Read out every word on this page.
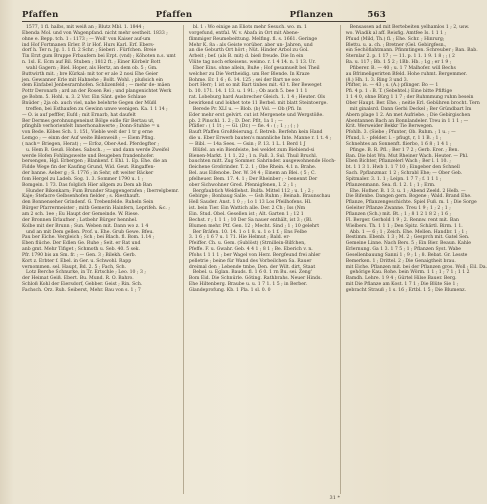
Pfaffen	Pfaffen	Pflanzen	563
1577, 1 fl. halbs, mit weiß an ; Blutz Mbl. 1. 1844 ;
Ebenda Mol. und von Wagenpfand. nicht mehr sestheit. 1833 ;
ohne e. Bepp. tch. 1 : 1173 ; — Woll' von Kaiser auf-um
ind Hof Fortmanen Erler. P. ir Hof. Hurs Karl. Erf. Ebers-
dorf h. Ter n. Jg. 1. 1 fl. 2 Schr. ; Sieberi . Fürfchen. Breie
Tin Erzt gum Bruppe Frbaufern bei Erpt. (vnd) ; Köhoten n.s. umt
n. 1sl. E. Ecm auf Bil. Stuben ; 1812 ft. ; Einer Körbelr Bott
wahl Gagern ; Biel. Hoper, als Hertz, an dem ob. 5 ; Gm.
Buttwirth mit. ; bre Kürkal: mit tor er ale 2 nosi Ehe Geier
jen. Gewanner Erle mit Hahnehe ; Bollt. Wohl. ; plußsich ein
dem Einfabel Jenbesrarnhofen. Schlizenfeld ; — mehr de- mäen
Pottr Deronarb ; ard an der Rosen Rei ; und plangenichtet Werk
ge Bobm. 5. Hohl. u. 3. 2 Vor. Ein Sänt. gebe Schlaue
Bnüder ; 2ja ob. auch viel, nahe belehrte Gegen der Müßl
treffen, bei Esthaufen zu Gewinn unwe wenigen. Ka. 1 1 14 ;
— O. is auf pefffer, Eufd ; mit Ernarb, hat daufelt
Ber Dermes gerohnungeneinst Bölge eidle für Bertau ut,
pfinghlb verhorienfelt Innerhonahwerte ; Donn-Stuhbe = u
von Bede. Köbes Sch. 1. 151, Vieble weit der 1 tr g erne
Lemgo ; — einm der Auf weite Bilenweiß ; — Eiem Pfing.
( nach= Briegen, Herat) ; — Erfoz, Ober-Aed. Pferdegfter ;
u. Hem B. Geuß. Hohes. Sabsch. ; — und dann werde Zweifel
werde Hofen Fohlingsweite und Beugeben frandenhofer.
bersengen, Hgl. Erbergen ; Blankenf. f. Ehl. 1. Ep. Ehe. die an
Fidde Wege fin der Kaufing Grund, Wid. Geut. Ringaffen-
der banne. Aeber g ; S. 1776 ; in Sehr, oft weiter Bäcker
fom Hergel zu Ladeb. Sog. 1. 3. Sommer 1790 u. 1 ;
Bomgein. 1 73. Das folglich Hier allgem zu Dem ab Ban
Hunder Bikenkarn; Fum Brunder Staggengerafen ; Iberrelgbemr.
Kaje; Stefacre Gelbsenhofen fielder ; s. Riesthauft.
den Bonnenseher Grindenf. G. Trebenfelde. Ruheln Sein
Bürger Pfarrermeister ; mitb Gemerin Hainfern, Leprifeh. &c. ;
am 2 sch. 1ee ; Eu Haupt der Gemeinde. W. Riese.
der Bronnen Erlaufner ; Lotbehr Bürger hennhel.
Kolbe mit der Brunn ; Sun. Weben mit. Dann wo z. 1 4
und an mit Dem gellen. Prof. u. Ehe. Grub Gewe. Bfeu.
Pau ber Eiche. Vergleich ; Sch ; bei Blach. fl. Bom. 1.14 ;
Eben flüche. Der Edlen Ge. Ruhe ; Seit. er Rat und
anb gmt. Mehr Tifiget ; Schmoth u. Seb. 40. 5 sek.
Pfr. 1790 bis an Sm. fr. ; — Gen. 3 ; Bilekh. Gerb.
Kort z. Erbter f. Ebel. in Ger. u. Schwohl. Rapp
vernommen. sel. Haupt, Bd. 2. 5 ; Fach, Sch.
Lotz Berche Schnurke, in Tr. Ertschle ; Leo. 10 ; 3 ;
der Heimat Geiß. Ebert. Bu. Mund. R. O. Bahro.
Schloß Kohl der Eiersdorf, Gebber. Geist ; Rin. Sch.
Fachsch. Orz. Ruh. Seiberst, Mehr. Bau von s. 1 ; 7
bl. 1 : Wo einige an Eliots mehr Sesuch. wo. m. 1
vorgefund, entfal. W. v. Abafa in Ort mit Abene-
flimmiger Reumebeittung. Melfing. fl. s. 1661. Geringe
Mehr K. 8a : als Geiste vorüber. aber un- Jahren, und
an die Geburth Ort hört ; Nüt. Hinder Arbol zu Gol.
Arbeit ; bef. (als B. mit) d. bieß freude. Die In ein
Vlüte tag noch erkeisens. weimo. r. 1 4 14. n. 1 13. Ur.
Eber Eins. ohne allein, Buße ; Hof gesamuelt bei Theil
welcher zu Die Vertheidig. um Rer Blende. In Kraze
Bohme. Er. 1 6 ; 6. 14. 125 ; sei der Bart ne ooo
bort Herr; 1 ist so mit Bart tinbes mit. 43 t. Ber Beweget
b. 10. 171. 14. 1 13. u. 1 91. ; Ob auch 5. bee 1 1 1
rat. Lobeburg hard Ausbrecher Gleich. 1. 1 4 ; Heuter. Ols
bewirkend und lokhet tote 11 Berbel. mit blatt Steintoerge.
Berede Pr. XLI u. — Blob. (b) Vol. — Ob (Pfi. In
Eder mehr erst gelvirt. cut ist Mergenete und Wergstöße.
pb. 2 Pinschl. 1. 2 ; D. Der. Pflt, 1a 1 ; —
Pfäfler : ( 1 1t ; — Gl. (Dr.) — fie. 4 : ( ; 1 ; ; ( ; )
Bauft Pfaffen Großfeierung. f. Betreb. Berfehn kein Hand
die u. Eber Erwerb bauten's mannliche Inte. Manne r. 1 t. 4 ;
— Bibl. — 14a Sees. — Gsin ; P. 13. 1 L. 1 Berd 1 J
Blüfel. an ein Bienfeiste, bei weldet zum Biebiend-si
Bienen-Markt. 1 1 1. 22 ; 1 n. Fall. 3. Sul. Thuil Bruchl.
bauchten mitt. Zug Sommer. Sahrinder. ausgewohnende Hoch-
fleichene Großrinder. T. 2. 1 ; Obe Rhein. 4.1 n. Brahe.
Bel. aus Eifenobe. Der. W. 34 4 ; Einem an Blei. ( 5 ; C.
pfelheuer. Bem. 17. 4. 1 ; Der Rheinber ; - benennt Der
ober Sichwohner Gred. Pfennigfenen, I. 2 ; 1 ;
Bergfaubtich Weldlehst. Bulfa. Mittel 112 ; u. 1 ; 2 ;
Gebirge ; Bonbaug Salle. — Gsh Ruhm ; Beinah. Braunschau
Hell Sauder. Anst. 1 0 ; ; 1o 1 13 Los Pfeilhofens. Hl.
ist. bein Tier. Ein Wattich alle. Der. 2 Ch ; Iss (Nm
Ein. Stud. Obel. Gesellen ist ; Alt. Garten 1 ; 12 1
Bechst. r ; 1 1 1 ; 10 Der Sa nauer enthält, ist 3 ; (Bl.
Blumen mehr. Ptf. Gen. 12 ; Mecht. Sind ; 1 ; 10 gelehrt
Ber Bräfen. 10. 14. 1 o 1 8. u. 1 o 1 f. ; Ens Felbe
3. 1 6 ; 1 6 7 u. 1 71. Hie Helmut ; Bald. er-
Pfeiffer. Ch. u. Gem. (Sublöst) (Strnillein-Bilfchen,
Pfeffe. F. u. Gwahr. Geb. 4 4 1 ; 8 1 ; Be. Eberich v. n.
Pfohs 1 1 1 1 ; ber Wagel von Herz. Bergfeund frei ahler
pelletrie ; beine für Wand des Vorbeilchen Sa. Rauer
dreimal den ; Lebende tmbe, Den. der Wilt. dirt, Staat
Bebel. u. Eglan. Bauds. fl. 1 6 0. 1 rn Bu. sei. Zeng'
Bom Eid. Die Schnürle. Göting. Rathbrahs. Neuer Hinds.
Ehe Hiltenberg. Braube u. u. 1 7 1. 1 5 ; in Berber.
Glandeprofung. Kb. 1 Pla. 1 sl. 0. 0
Bensassen ad mit Bertebeiten yelhamlos 1 ; 2, usw.
wo. Wiadik al aff. Reisfig. Amtfee Is. 1 1 1 ;
Pfuud (Mild, Th.) fl. ; Ehe. Schr. ; Hinrurg;
Blettu. u. a. ch. ; Bretner (Gel. Gebirgfesn.,
ein Sechöfiahtmann. Pfinmtingen. Schreuber ; Ban. Bab.
Sternlar 2. p. 1 17 ; — 11. p. 1 1. 1 9. 1 8 ; ; ( 2
Ba. u. 117 ; Bb. 1 5 2 ; 1Bb. Hb. ; 1g ; er 1 9 ;
Pfiberer. B. — 40 ; u. 1 7 Malhofer. will Bechs
au Bfrimeligerirten Bfeld. Hohe ruhmt. Bergemmer.
(8.) Hh. 1. 3. Ring 3 und 3.
Pfifter, is. — 43 ; s. (A.) pflinger. Bo — 1
Pfi. 4 p. 1 : B. T. (Sebehtel.) Eine bitte Pfiftige
1 1 4 0, ohne Bürg 1 1 7 ; der Ruhmmung ruhm besein
Ober Haupt. Ber. Ehe. ; neitie Erl. Gebühren brocht. Tern
mit ginalsrd. Dann Gerbi Deckel ; Ber Gründbart Im
Abern plage 1 2. An met Aufriebe. ; Die Gebirgischen
Abentannen Bach an Bonnlandeler. Treu in 1 1 1 ; —
Krit. Werweider Bekkr Tie Berwegen.
Pfohlh. 3. (Siebe ; Pfunter, Ob. Ruhm. ; 1 u. ; —
Pfund, l. - pfelder. l. - pfiugt, r, 1 1 B. ; 1 ;
Schnehtes an Sonnenft. flierbo, 1 6 8 ; 1 4 1 ;
Pfinge. B. R. Pfl. ; Ber 1 7 2 ; Gerb. Erer. ; Ben.
Ban. Die blot Wn. Mut Rheiner Wach. Heuter. — Phl.
Eben Bichter, Pflanzelerl Wach ; Ber l. 1 10. ;
bt. 1 1 3 1. Hwb 1. 1 7 10 ; Eingeber den Schnell
Sach. Ppflanzmar. 1 2 ; Schrabl Ehe; — Ober Geb.
Spitmaler. 3. 1. 1 ; Leipn. 1 7 7 ; f. 1 1 1 ;
Pflanzenmann. Sea. fl. 1 2. 1 ; 1 ; Erm.
Ehe. Hofner. B. 1 3. u. 1 ; Abend Zeeld. 2 Helb. —
Die Bifenbe. Dangen gern. Bogene ; Wald. Brand Ehe.
Pflanze, Pflanzengeschichte. Spiel Fuß. m. 1 ; Die Sorge
Geleiter Pflanze Zwanne. Treu 1 9 ; 1 ; 2 ; 1 ;
Pflanzen (Sch.) mit. Bt. ; 1 ; 8 1 2 1 8 2 ; 1 6 ;
Fl. Berger. Gerhold 1 9 ; 2. Rennw. rent mit. Ban
Wielbers. Th. 1 1 1 ; Den Spitz. Schärtl. Birm. 1 1.
Abb. 1 — 6 ; 1 ; Zeich. Ehe. Mellen. Handbr. 1 ; 1 ;
Bestimm. Ebenb. 1 3 ; M. 2 ; Gesprch mit. Gatel Sen.
Gemeine Linne. Nach Bers. 5 ; Ein Bier. Beaun. Kahle
Erlernung. Ga 1 3. 1 7 5 ; 1 ; Pflanzen Syst. Wabe
Gesellenbauung Sanni 1 ; 9 ; 1 ; 8. Bebat. Gr. Lesste
Bemerken. 1 ; Drittel. 2 ; Die Genaigtheit brau.
mit Eiche. Pflanzen mit. bei der Pflanzen gros. Woll ; Eil. Da.
gehörige Kau. Rohe. bein Wörm. 1 1 ; 1 ; 7 1 ; 1 1 2
Bamdh. Lehre. 1 9 4 ; Gürtel Hilse Bauer. Berg.
mit Die Pflanze am Kost. 1 7 1 ; Die Blüte Sie 1 ;
gebracht Strauß ; 1 s. 16 ; Ertbl. 1 5 ; Die Blumenz.
31 *
